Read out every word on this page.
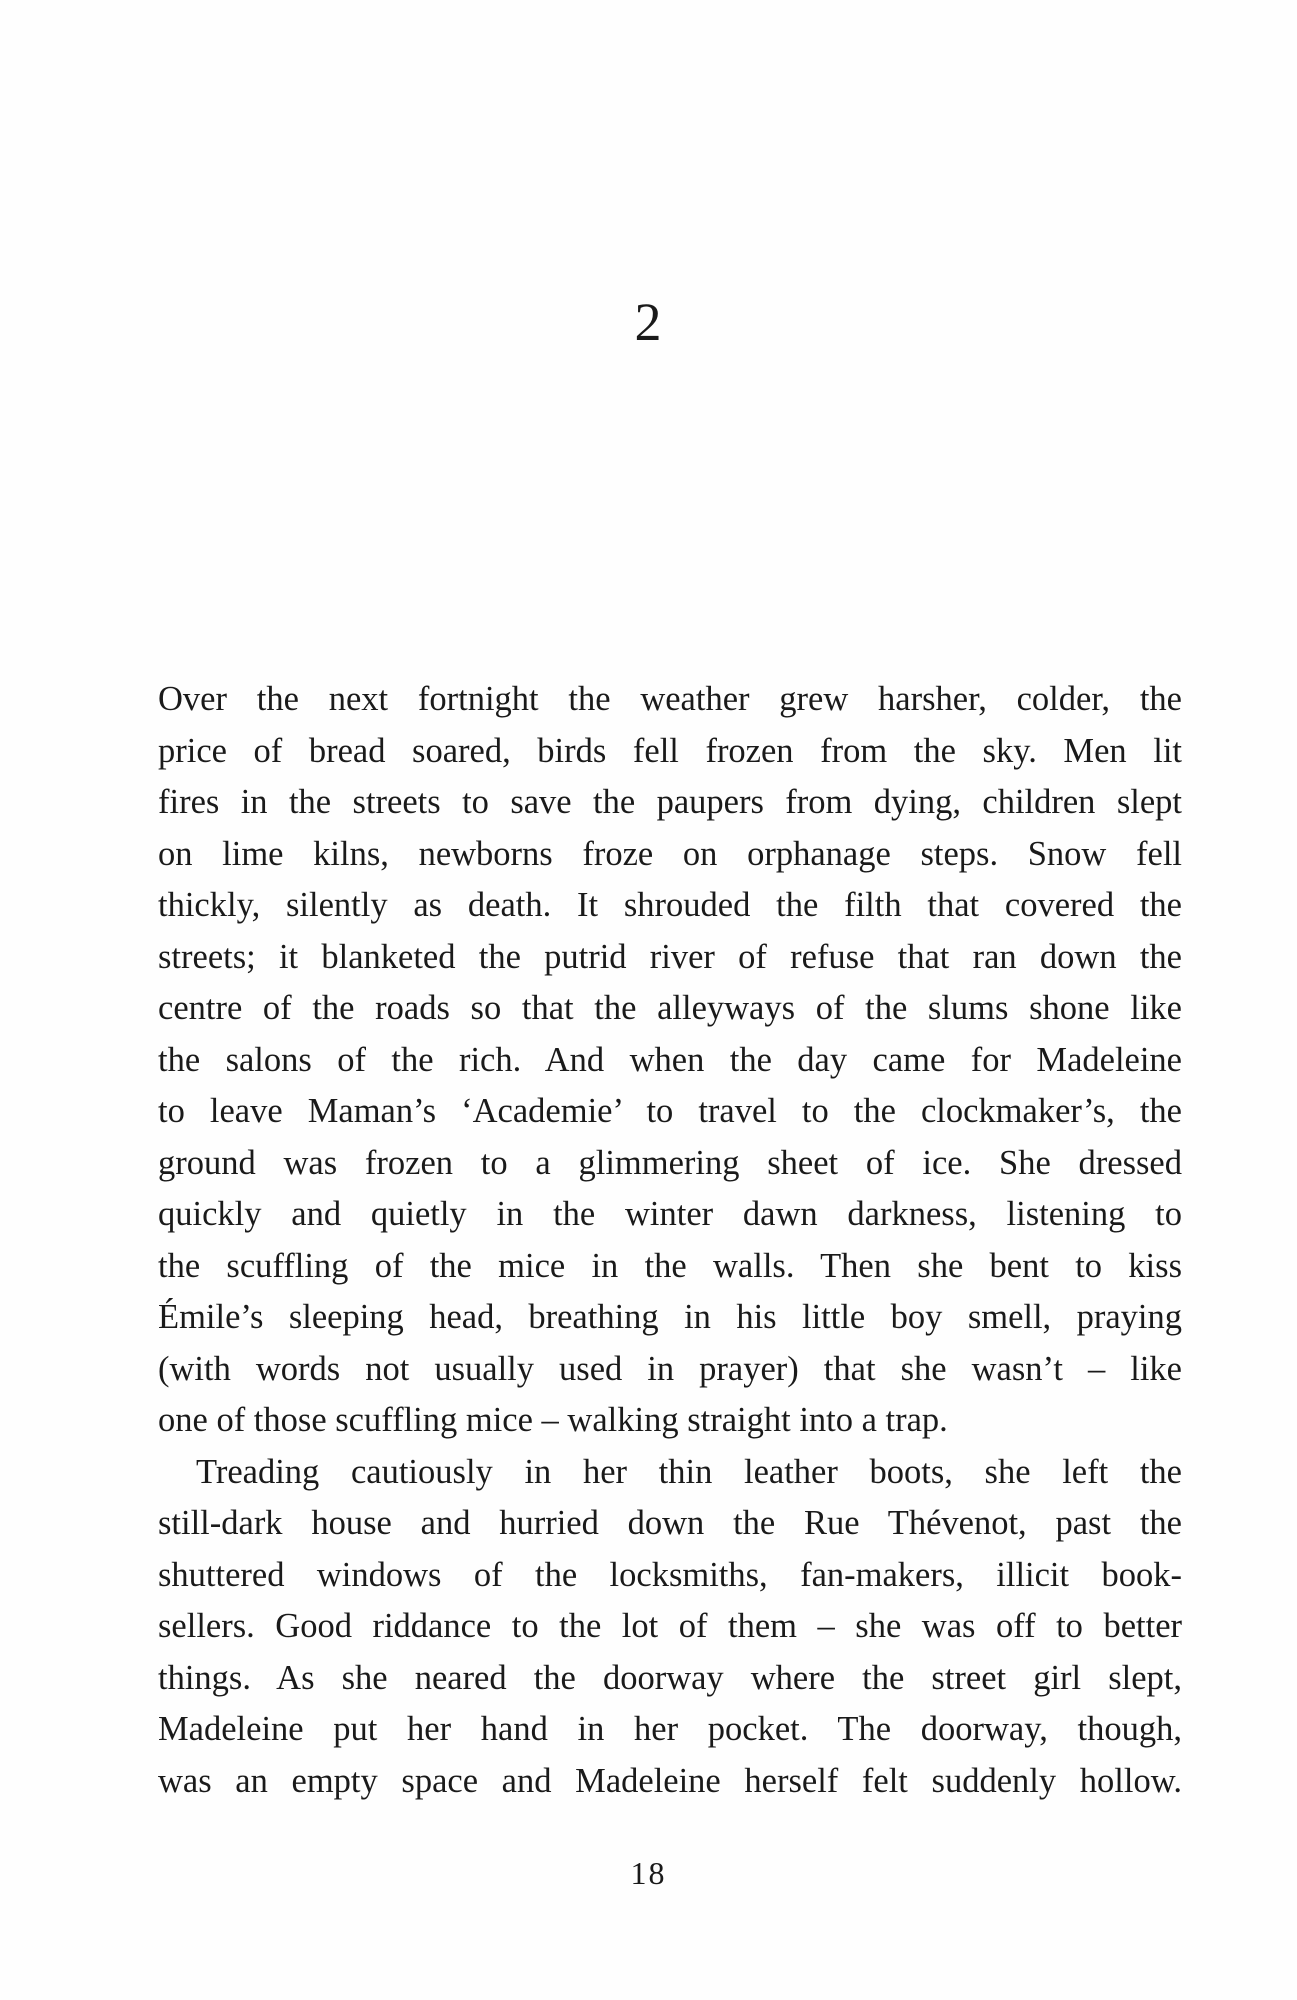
2
Over the next fortnight the weather grew harsher, colder, the
price of bread soared, birds fell frozen from the sky. Men lit
fires in the streets to save the paupers from dying, children slept
on lime kilns, newborns froze on orphanage steps. Snow fell
thickly, silently as death. It shrouded the filth that covered the
streets; it blanketed the putrid river of refuse that ran down the
centre of the roads so that the alleyways of the slums shone like
the salons of the rich. And when the day came for Madeleine
to leave Maman’s ‘Academie’ to travel to the clockmaker’s, the
ground was frozen to a glimmering sheet of ice. She dressed
quickly and quietly in the winter dawn darkness, listening to
the scuffling of the mice in the walls. Then she bent to kiss
Émile’s sleeping head, breathing in his little boy smell, praying
(with words not usually used in prayer) that she wasn’t – like
one of those scuffling mice – walking straight into a trap.
Treading cautiously in her thin leather boots, she left the
still-dark house and hurried down the Rue Thévenot, past the
shuttered windows of the locksmiths, fan-makers, illicit book-
sellers. Good riddance to the lot of them – she was off to better
things. As she neared the doorway where the street girl slept,
Madeleine put her hand in her pocket. The doorway, though,
was an empty space and Madeleine herself felt suddenly hollow.
18
